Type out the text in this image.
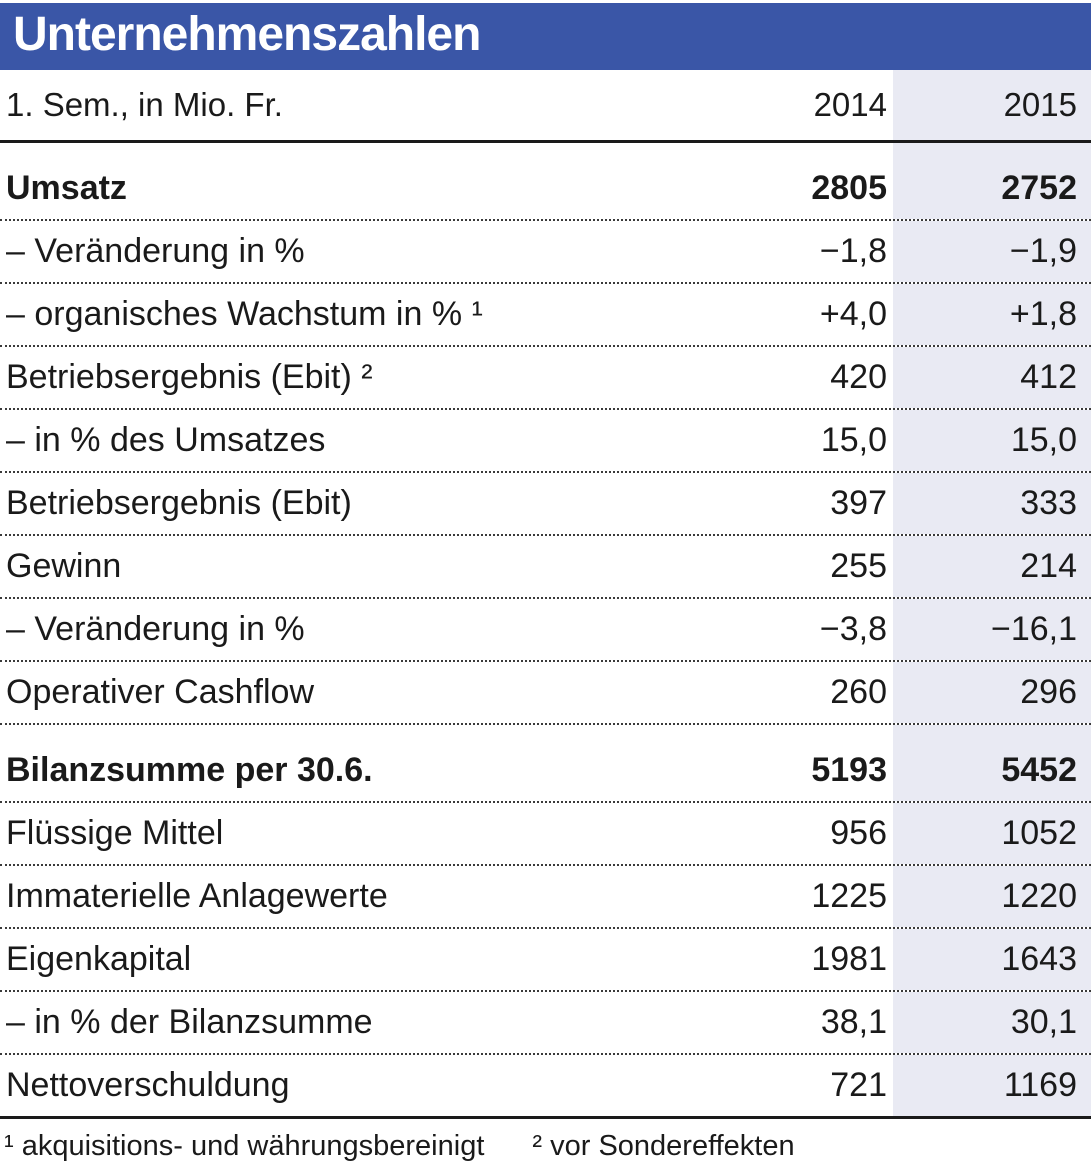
Unternehmenszahlen
1. Sem., in Mio. Fr.	2014	2015
Umsatz	2805	2752
– Veränderung in %	−1,8	−1,9
– organisches Wachstum in % ¹	+4,0	+1,8
Betriebsergebnis (Ebit) ²	420	412
– in % des Umsatzes	15,0	15,0
Betriebsergebnis (Ebit)	397	333
Gewinn	255	214
– Veränderung in %	−3,8	−16,1
Operativer Cashflow	260	296
Bilanzsumme per 30.6.	5193	5452
Flüssige Mittel	956	1052
Immaterielle Anlagewerte	1225	1220
Eigenkapital	1981	1643
– in % der Bilanzsumme	38,1	30,1
Nettoverschuldung	721	1169
¹ akquisitions- und währungsbereinigt ² vor Sondereffekten
